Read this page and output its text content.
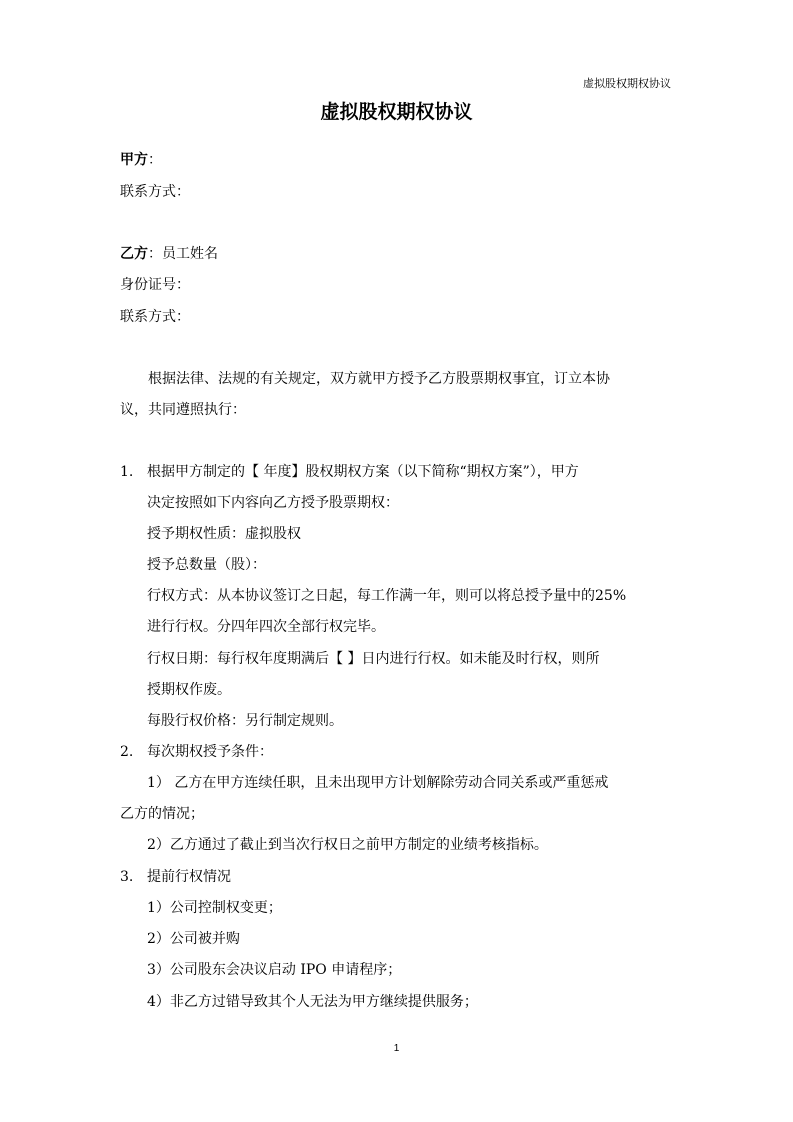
虚拟股权期权协议
虚拟股权期权协议
甲方：
联系方式：
乙方：员工姓名
身份证号：
联系方式：
根据法律、法规的有关规定，双方就甲方授予乙方股票期权事宜，订立本协
议，共同遵照执行：
1. 根据甲方制定的【 年度】股权期权方案（以下简称“期权方案”），甲方
决定按照如下内容向乙方授予股票期权：
授予期权性质：虚拟股权
授予总数量（股）：
行权方式：从本协议签订之日起，每工作满一年，则可以将总授予量中的25%
进行行权。分四年四次全部行权完毕。
行权日期：每行权年度期满后【 】日内进行行权。如未能及时行权，则所
授期权作废。
每股行权价格：另行制定规则。
2. 每次期权授予条件：
1） 乙方在甲方连续任职，且未出现甲方计划解除劳动合同关系或严重惩戒
乙方的情况；
2）乙方通过了截止到当次行权日之前甲方制定的业绩考核指标。
3. 提前行权情况
1）公司控制权变更；
2）公司被并购
3）公司股东会决议启动 IPO 申请程序；
4）非乙方过错导致其个人无法为甲方继续提供服务；
1
